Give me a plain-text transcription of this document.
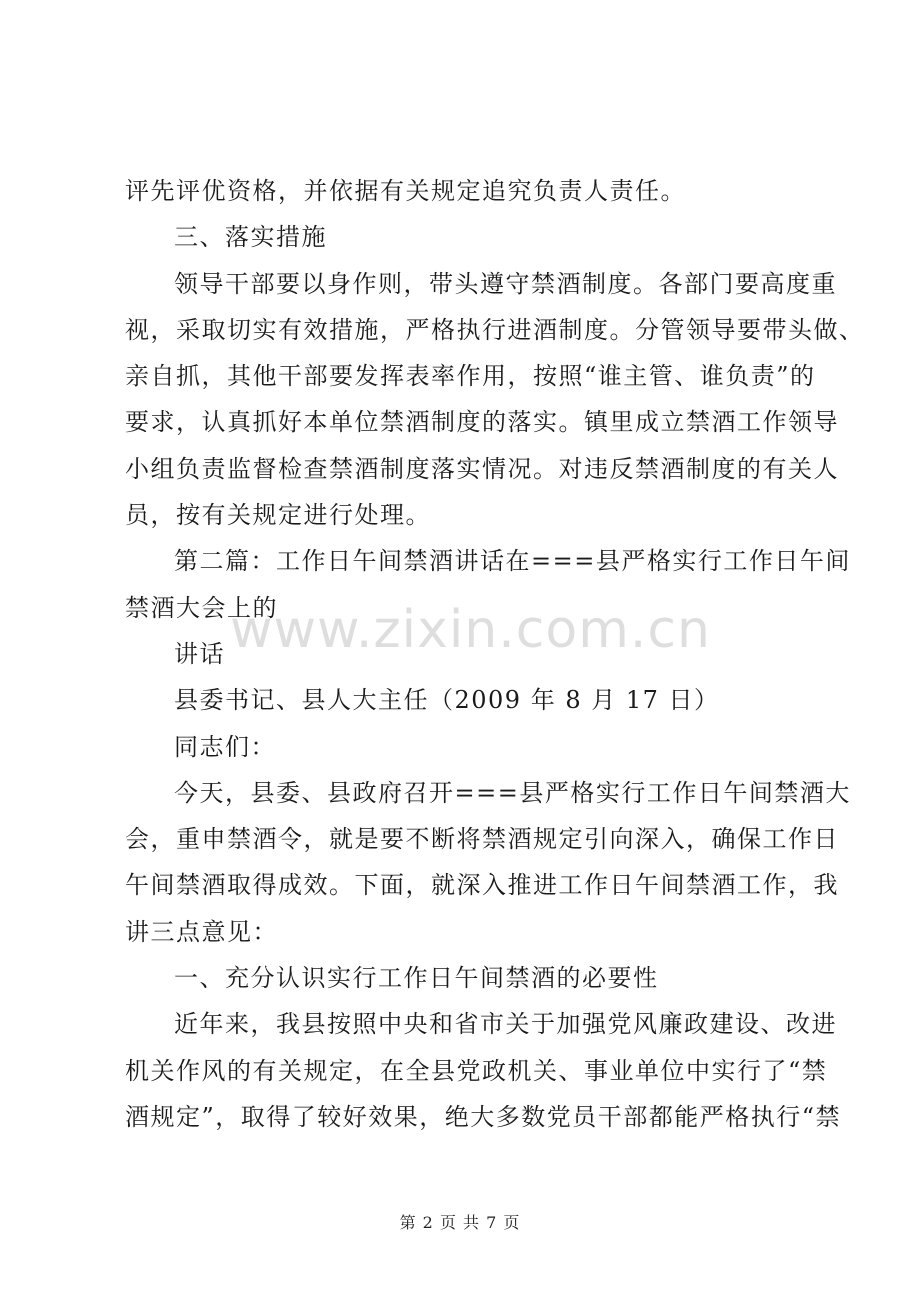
评先评优资格，并依据有关规定追究负责人责任。
三、落实措施
领导干部要以身作则，带头遵守禁酒制度。各部门要高度重
视，采取切实有效措施，严格执行进酒制度。分管领导要带头做、
亲自抓，其他干部要发挥表率作用，按照“谁主管、谁负责”的
要求，认真抓好本单位禁酒制度的落实。镇里成立禁酒工作领导
小组负责监督检查禁酒制度落实情况。对违反禁酒制度的有关人
员，按有关规定进行处理。
第二篇：工作日午间禁酒讲话在===县严格实行工作日午间
禁酒大会上的
讲话
县委书记、县人大主任（2009 年 8 月 17 日）
同志们：
今天，县委、县政府召开===县严格实行工作日午间禁酒大
会，重申禁酒令，就是要不断将禁酒规定引向深入，确保工作日
午间禁酒取得成效。下面，就深入推进工作日午间禁酒工作，我
讲三点意见：
一、充分认识实行工作日午间禁酒的必要性
近年来，我县按照中央和省市关于加强党风廉政建设、改进
机关作风的有关规定，在全县党政机关、事业单位中实行了“禁
酒规定”，取得了较好效果，绝大多数党员干部都能严格执行“禁
www.zixin.com.cn
第 2 页 共 7 页
